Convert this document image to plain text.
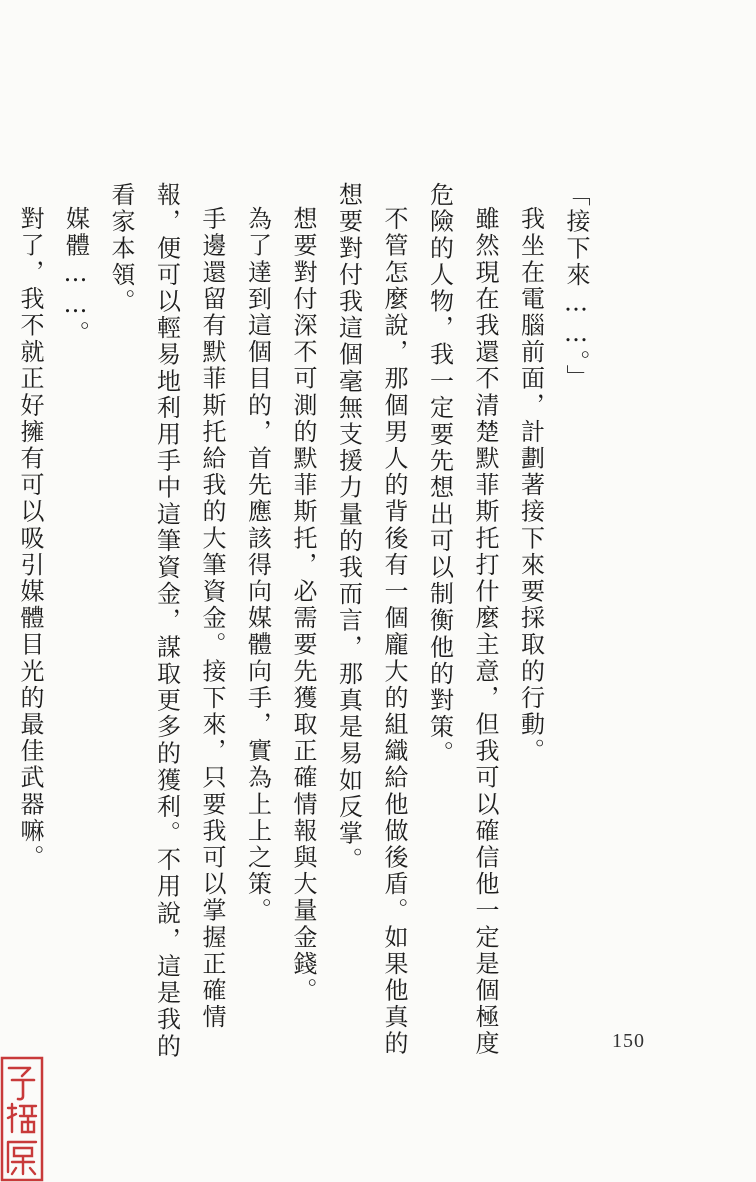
「接下來……。」

我坐在電腦前面，計劃著接下來要採取的行動。

雖然現在我還不清楚默菲斯托打什麼主意，但我可以確信他一定是個極度危險的人物，我一定要先想出可以制衡他的對策。

不管怎麼說，那個男人的背後有一個龐大的組織給他做後盾。如果他真的想要對付我這個毫無支援力量的我而言，那真是易如反掌。

想要對付深不可測的默菲斯托，必需要先獲取正確情報與大量金錢。

為了達到這個目的，首先應該得向媒體向手，實為上上之策。

手邊還留有默菲斯托給我的大筆資金。接下來，只要我可以掌握正確情報，便可以輕易地利用手中這筆資金，謀取更多的獲利。不用說，這是我的看家本領。

媒體……。

對了，我不就正好擁有可以吸引媒體目光的最佳武器嘛。

150
